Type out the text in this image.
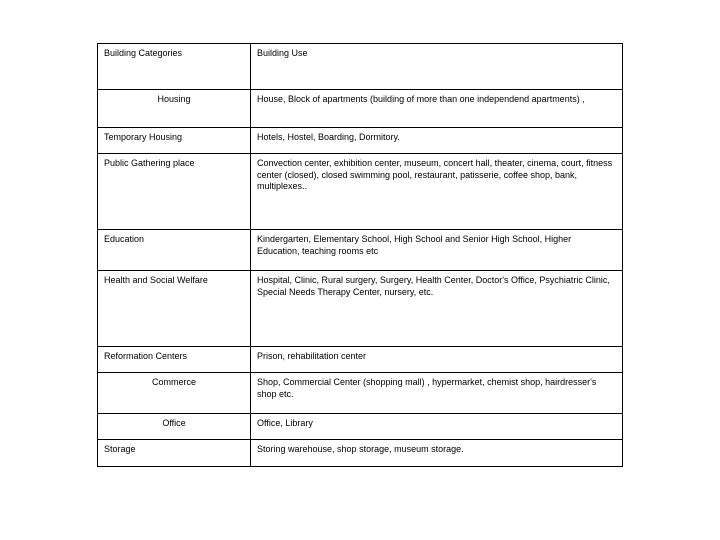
Building Categories	Building Use
Housing	House, Block of apartments (building of more than one independend apartments) ,
Temporary Housing	Hotels, Hostel, Boarding, Dormitory.
Public Gathering place	Convection center, exhibition center, museum, concert hall, theater, cinema, court, fitness center (closed), closed swimming pool, restaurant, patisserie, coffee shop, bank, multiplexes..
Education	Kindergarten, Elementary School, High School and Senior High School, Higher Education, teaching rooms etc
Health and Social Welfare	Hospital, Clinic, Rural surgery, Surgery, Health Center, Doctor's Office, Psychiatric Clinic, Special Needs Therapy Center, nursery, etc.
Reformation Centers	Prison, rehabilitation center
Commerce	Shop, Commercial Center (shopping mall) , hypermarket, chemist shop, hairdresser's shop etc.
Office	Office, Library
Storage	Storing warehouse, shop storage, museum storage.
